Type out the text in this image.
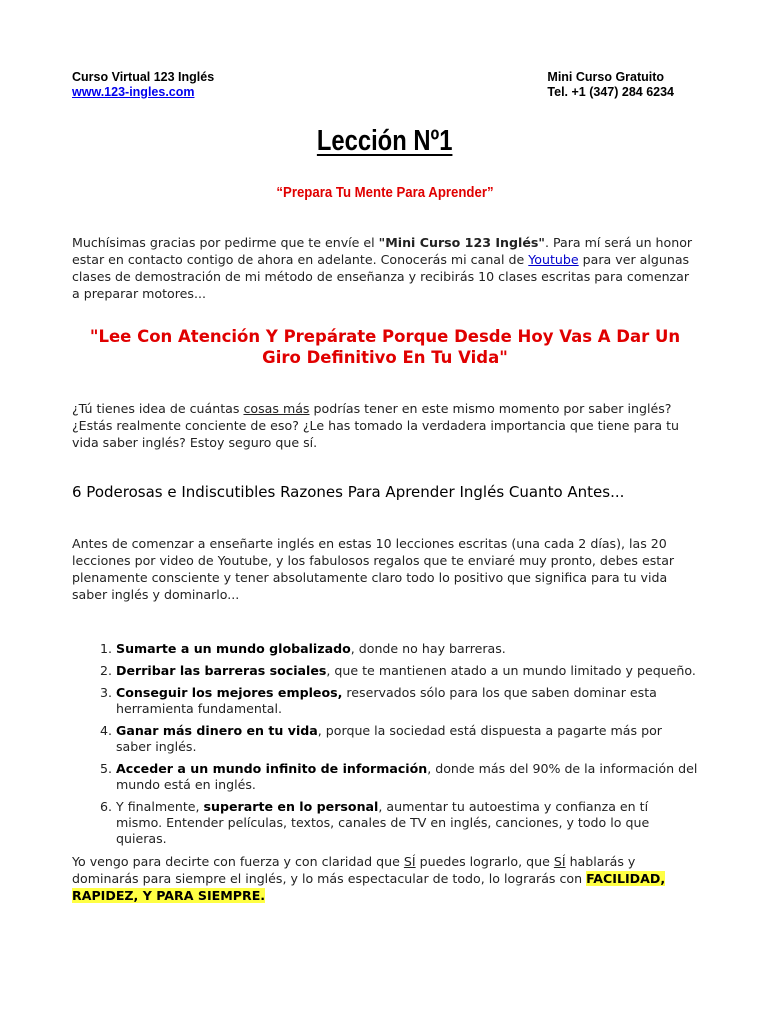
Curso Virtual 123 Inglés
www.123-ingles.com
Mini Curso Gratuito
Tel. +1 (347) 284 6234
Lección Nº1
“Prepara Tu Mente Para Aprender”

Muchísimas gracias por pedirme que te envíe el "Mini Curso 123 Inglés". Para mí será un honor estar en contacto contigo de ahora en adelante. Conocerás mi canal de Youtube para ver algunas clases de demostración de mi método de enseñanza y recibirás 10 clases escritas para comenzar a preparar motores...

"Lee Con Atención Y Prepárate Porque Desde Hoy Vas A Dar Un Giro Definitivo En Tu Vida"

¿Tú tienes idea de cuántas cosas más podrías tener en este mismo momento por saber inglés? ¿Estás realmente conciente de eso? ¿Le has tomado la verdadera importancia que tiene para tu vida saber inglés? Estoy seguro que sí.

6 Poderosas e Indiscutibles Razones Para Aprender Inglés Cuanto Antes...

Antes de comenzar a enseñarte inglés en estas 10 lecciones escritas (una cada 2 días), las 20 lecciones por video de Youtube, y los fabulosos regalos que te enviaré muy pronto, debes estar plenamente consciente y tener absolutamente claro todo lo positivo que significa para tu vida saber inglés y dominarlo...

1. Sumarte a un mundo globalizado, donde no hay barreras.
2. Derribar las barreras sociales, que te mantienen atado a un mundo limitado y pequeño.
3. Conseguir los mejores empleos, reservados sólo para los que saben dominar esta herramienta fundamental.
4. Ganar más dinero en tu vida, porque la sociedad está dispuesta a pagarte más por saber inglés.
5. Acceder a un mundo infinito de información, donde más del 90% de la información del mundo está en inglés.
6. Y finalmente, superarte en lo personal, aumentar tu autoestima y confianza en tí mismo. Entender películas, textos, canales de TV en inglés, canciones, y todo lo que quieras.

Yo vengo para decirte con fuerza y con claridad que SÍ puedes lograrlo, que SÍ hablarás y dominarás para siempre el inglés, y lo más espectacular de todo, lo lograrás con FACILIDAD, RAPIDEZ, Y PARA SIEMPRE.
